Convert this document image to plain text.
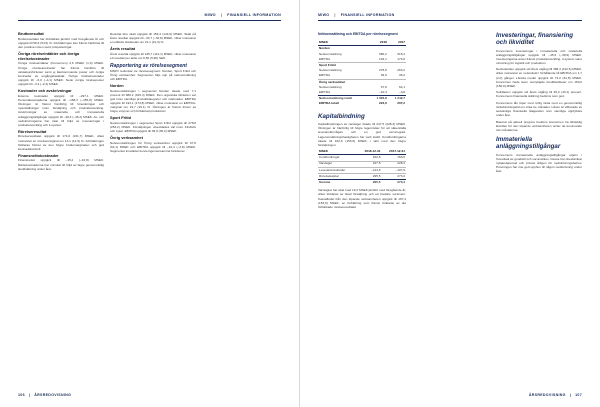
MIWO | FINANSIELL INFORMATION
Bruttoresultat

Bruttoresultatet har förbättrats jämfört med föregående år och uppgick till 58,6 (54,5) %. Förbättringen kan främst hänföras till den positiva mixen samt prisjusteringar.

Övriga rörelseintäkter och övriga rörelsekostnader

Övriga rörelseintäkter (Koncernen) 2,6 MSEK (1,9) MSEK. Övriga rörelsekostnader har främst hänförts till valutakursförluster samt ej återkommande poster och övriga kostnader av engångskaraktär. Övriga rörelsekostnader uppgick till –6,0 (–4,1) MSEK. Netto övriga rörelseposter uppgick till –3,4 (–2,2) MSEK.

Kostnader och avskrivningar

Externa kostnader uppgick till –297,1 MSEK. Personalkostnaderna uppgick till –158,3 (–155,8) MSEK. Ökningen är främst hänförlig till löneökningar och nyanställningar inom försäljning och produktutveckling. Avskrivningar av materiella och immateriella anläggningstillgångar uppgick till –48,3 (–46,2) MSEK. Av- och nedskrivningarna har ökat till följd av investeringar i produktutveckling och it-system.

Rörelseresultat

Rörelseresultatet uppgick till 174,6 (161,7) MSEK, vilket motsvarar en rörelsemarginal om 13,1 (12,9) %. Förbättringen förklaras främst av den högre bruttomarginalen och god kostnadskontroll.

Finansnettokostnader

Finansnettot uppgick till –15,2 (–16,8) MSEK. Räntekostnaderna har minskat till följd av lägre genomsnittlig skuldsättning under året.

Resultat före skatt uppgick till 159,4 (144,9) MSEK. Skatt på årets resultat uppgick till –33,7 (–30,8) MSEK, vilket motsvarar en effektiv skattesats om 21,1 (21,3) %.

Årets resultat

Årets resultat uppgick till 125,7 (114,1) MSEK, vilket motsvarar ett resultat per aktie om 6,50 (5,90) SEK.

Rapportering av rörelsesegment

MIWO redovisar tre rörelsesegment: Norden, Sport Fritid och Övrig verksamhet. Segmenten följs upp på nettoomsättning och EBITDA.

Norden

Nettoomsättningen i segmentet Norden ökade med 7,1 procent till 980,2 (915,4) MSEK. Den organiska tillväxten var god inom samtliga produktkategorier och marknader. EBITDA uppgick till 193,1 (174,8) MSEK, vilket motsvarar en EBITDA-marginal om 19,7 (19,1) %. Ökningen är främst driven av högre volymer och förbättrad produktmix.

Sport Fritid

Nettoomsättningen i segmentet Sport Fritid uppgick till 278,8 (263,2) MSEK. Försäljningen utvecklades väl inom friluftsliv och cykel. EBITDA uppgick till 39,9 (36,2) MSEK.

Övrig verksamhet

Nettoomsättningen för Övrig verksamhet uppgick till 67,8 (64,1) MSEK och EBITDA uppgick till –10,4 (–3,8) MSEK. Segmentet innefattar koncerngemensamma funktioner.

106 | ÅRSREDOVISNING
MIWO | FINANSIELL INFORMATION
Nettoomsättning och EBITDA per rörelsesegment
MSEK	2018	2017
Norden		
Nettoomsättning	980,2	915,4
EBITDA	193,1	174,8
Sport Fritid		
Nettoomsättning	278,8	263,2
EBITDA	39,9	36,2
Övrig verksamhet		
Nettoomsättning	67,8	64,1
EBITDA	–10,4	–3,8
Nettoomsättning totalt	1 326,8	1 242,7
EBITDA totalt	222,6	207,2
Kapitalbindning

Kapitalbindningen av varulager ökade till 247,5 (228,3) MSEK. Ökningen är hänförlig till högre lagernivåer för att säkerställa leveransförmågan och en god servicegrad. Lageromsättningshastigheten har varit stabil. Kundfordringarna ökade till 162,6 (153,0) MSEK, i takt med den högre försäljningen.

MSEK	2018-12-31	2017-12-31
Kundfordringar	162,6	153,0
Varulager	247,5	228,3
Leverantörsskulder	–114,6	–107,9
Rörelsekapital	295,5	273,4
Summa	295,5	273,4

Varulagret har ökat med 19,2 MSEK jämfört med föregående år, vilket förklaras av ökad försäljning och ett bredare sortiment. Kassaflödet från den löpande verksamheten uppgick till 167,4 (153,9) MSEK, en förbättring som främst förklaras av det förbättrade rörelseresultatet.

Investeringar, finansiering och likviditet

Koncernens investeringar i immateriella och materiella anläggningstillgångar uppgick till –45,6 (–38,9) MSEK. Investeringarna avser främst produktutveckling, it-system samt utrustning för logistik och produktion.

Nettoskulden uppgick vid årets utgång till 389,3 (412,6) MSEK, vilket motsvarar en nettoskuld i förhållande till EBITDA om 1,7 (2,0) gånger. Likvida medel uppgick till 74,2 (61,8) MSEK. Koncernen hade även outnyttjade kreditfaciliteter om 150,0 (150,0) MSEK.

Soliditeten uppgick vid årets utgång till 46,3 (43,1) procent. Koncernens finansiella ställning bedöms som god.

Koncernens lån löper med rörlig ränta med en genomsnittlig räntebindningstid om cirka tre månader. Lånen är villkorade av sedvanliga finansiella åtaganden som samtliga uppfylldes under året.

Baserat på aktuell prognos bedöms koncernen ha tillräcklig likviditet för den löpande verksamheten under de kommande tolv månaderna.

Immateriella anläggningstillgångar

Koncernens immateriella anläggningstillgångar utgörs i huvudsak av goodwill och varumärken. Dessa har obestämbar nyttjandeperiod och prövas årligen för nedskrivningsbehov. Prövningen har inte gett upphov till någon nedskrivning under året.

ÅRSREDOVISNING | 107
